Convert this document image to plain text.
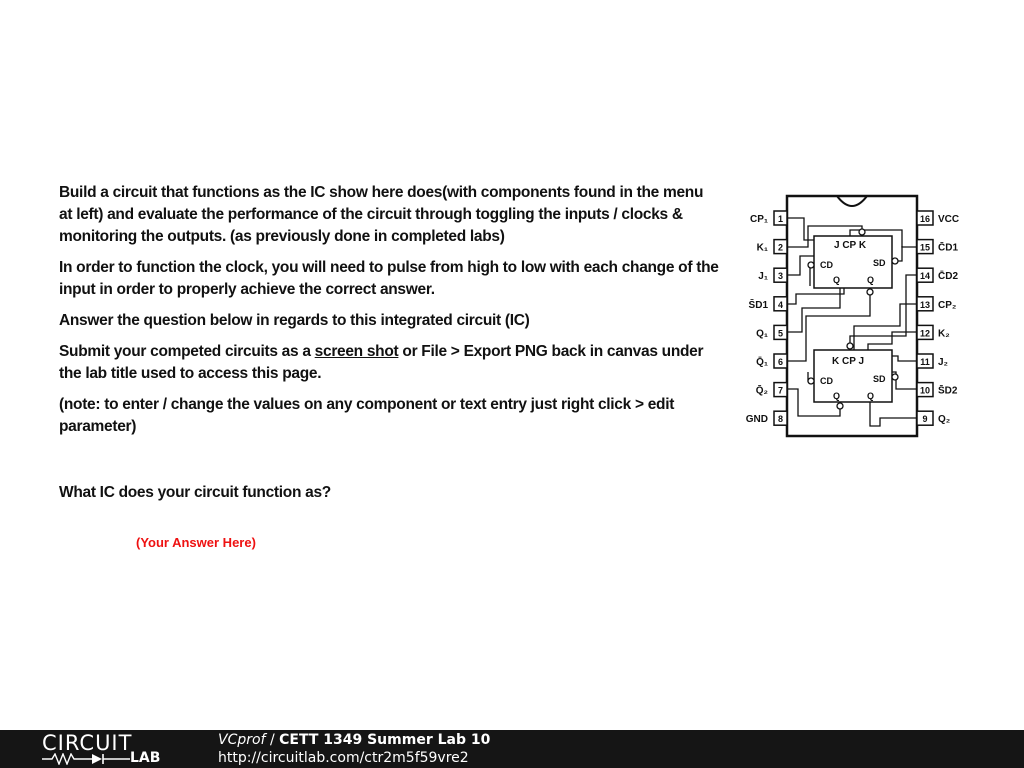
Build a circuit that functions as the IC show here does(with components found in the menu at left) and evaluate the performance of the circuit through toggling the inputs / clocks & monitoring the outputs. (as previously done in completed labs)

In order to function the clock, you will need to pulse from high to low with each change of the input in order to properly achieve the correct answer.

Answer the question below in regards to this integrated circuit (IC)

Submit your competed circuits as a screen shot or File > Export PNG back in canvas under the lab title used to access this page.

(note: to enter / change the values on any component or text entry just right click > edit parameter)

What IC does your circuit function as?
(Your Answer Here)
1
CP₁
2
K₁
3
J₁
4
S̄D1
5
Q₁
6
Q̄₁
7
Q̄₂
8
GND
16 VCC
15 C̄D1
14 C̄D2
13 CP₂
12 K₂
11 J₂
10 S̄D2
9 Q₂
J CP K
CD	SD
Q	Q
K CP J
CD	SD
Q	Q
CIRCUIT
LAB
VCprof / CETT 1349 Summer Lab 10
http://circuitlab.com/ctr2m5f59vre2
